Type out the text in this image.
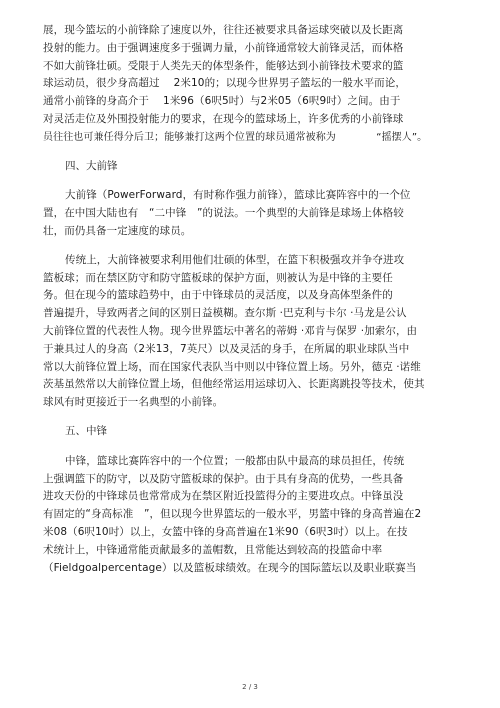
展，现今篮坛的小前锋除了速度以外，往往还被要求具备运球突破以及长距离
投射的能力。由于强调速度多于强调力量，小前锋通常较大前锋灵活，而体格
不如大前锋壮硕。受限于人类先天的体型条件，能够达到小前锋技术要求的篮
球运动员，很少身高超过　 2米10的；以现今世界男子篮坛的一般水平而论，
通常小前锋的身高介于　 1米96（6呎5吋）与2米05（6呎9吋）之间。由于
对灵活走位及外围投射能力的要求，在现今的篮球场上，许多优秀的小前锋球
员往往也可兼任得分后卫；能够兼打这两个位置的球员通常被称为　　　　“摇摆人”。
四、大前锋
大前锋（PowerForward，有时称作强力前锋），篮球比赛阵容中的一个位
置，在中国大陆也有　“二中锋　”的说法。一个典型的大前锋是球场上体格较
壮，而仍具备一定速度的球员。
传统上，大前锋被要求利用他们壮硕的体型，在篮下积极强攻并争夺进攻
篮板球；而在禁区防守和防守篮板球的保护方面，则被认为是中锋的主要任
务。但在现今的篮球趋势中，由于中锋球员的灵活度，以及身高体型条件的
普遍提升，导致两者之间的区别日益模糊。查尔斯 ·巴克利与卡尔 ·马龙是公认
大前锋位置的代表性人物。现今世界篮坛中著名的蒂姆 ·邓肯与保罗 ·加索尔，由
于兼具过人的身高（2米13，7英尺）以及灵活的身手，在所属的职业球队当中
常以大前锋位置上场，而在国家代表队当中则以中锋位置上场。另外，德克 ·诺维
茨基虽然常以大前锋位置上场，但他经常运用运球切入、长距离跳投等技术，使其
球风有时更接近于一名典型的小前锋。
五、中锋
中锋，篮球比赛阵容中的一个位置；一般都由队中最高的球员担任，传统
上强调篮下的防守，以及防守篮板球的保护。由于具有身高的优势，一些具备
进攻天份的中锋球员也常常成为在禁区附近投篮得分的主要进攻点。中锋虽没
有固定的“身高标准　”，但以现今世界篮坛的一般水平，男篮中锋的身高普遍在2
米08（6呎10吋）以上，女篮中锋的身高普遍在1米90（6呎3吋）以上。在技
术统计上，中锋通常能贡献最多的盖帽数，且常能达到较高的投篮命中率
（Fieldgoalpercentage）以及篮板球绩效。在现今的国际篮坛以及职业联赛当
2 / 3
